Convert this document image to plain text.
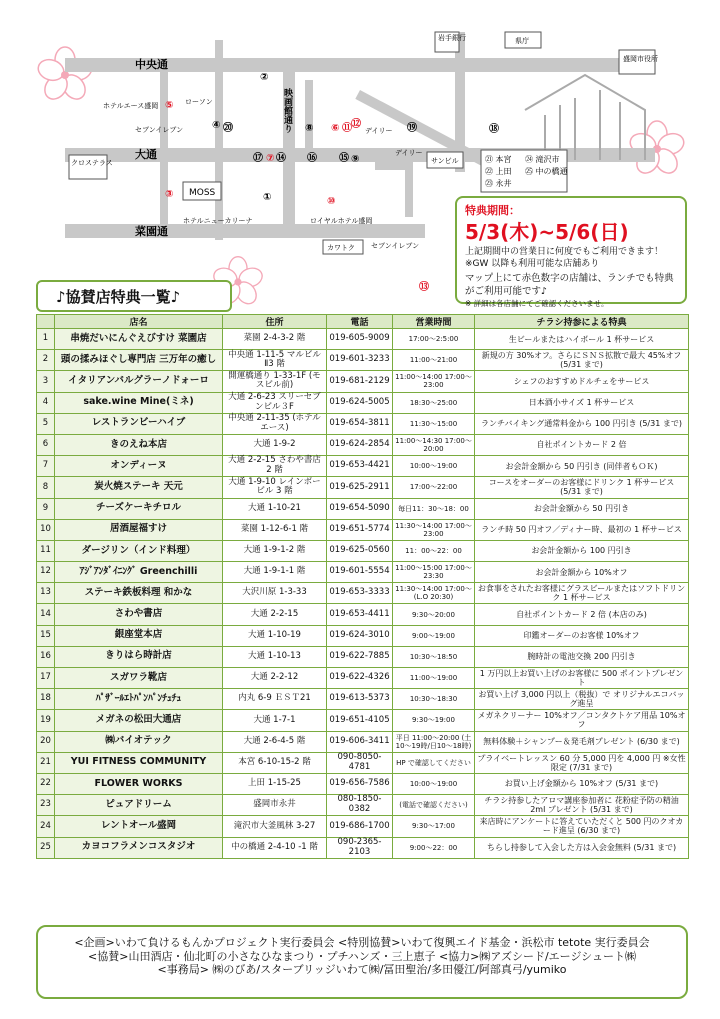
中央通
大通
菜園通
映画館通り
岩手銀行	県庁
盛岡市役所
ホテルエース盛岡	ローソン
セブンイレブン	デイリー
デイリー
サンビル
クロステラス
MOSS
ホテルニューカリーナ	ロイヤルホテル盛岡
カワトク セブンイレブン
①
②
③
④
⑤
⑥
⑦
⑧
⑨
⑩
⑪ ⑫
⑬
⑭	⑮
⑯
⑰
⑱
⑲
⑳
㉑ 本宮 ㉔ 滝沢市
㉒ 上田 ㉕ 中の橋通
㉓ 永井
特典期間：5/3(木)~5/6(日)
上記期間中の営業日に何度でもご利用できます！ ※GW 以降も利用可能な店舗あり
マップ上にて赤色数字の店舗は、ランチでも特典がご利用可能です♪
※ 詳細は各店舗にてご確認くださいませ。
♪協賛店特典一覧♪
	店名	住所	電話	営業時間	チラシ持参による特典
1	串焼だいにんぐえびすけ 菜園店	菜園 2-4-3-2 階	019-605-9009	17:00～2:5:00	生ビールまたはハイボール 1 杯サービス
2	頭の揉みほぐし専門店 三万年の癒し	中央通 1-11-5 マルビルⅡ3 階	019-601-3233	11:00～21:00	新規の方 30%オフ。さらにＳＮＳ拡散で最大 45%オフ (5/31 まで)
3	イタリアンバルグラーノドォーロ	開運橋通り 1-33-1F (モスビル前)	019-681-2129	11:00～14:00 17:00～23:00	シェフのおすすめドルチェをサービス
4	sake.wine Mine(ミネ)	大通 2-6-23 スリーセブンビル３F	019-624-5005	18:30～25:00	日本酒小サイズ 1 杯サービス
5	レストランビーハイブ	中央通 2-11-35 (ホテルエース)	019-654-3811	11:30～15:00	ランチバイキング通常料金から 100 円引き (5/31 まで)
6	きのえね本店	大通 1-9-2	019-624-2854	11:00～14:30 17:00～20:00	自社ポイントカード 2 倍
7	オンディーヌ	大通 2-2-15 さわや書店 2 階	019-653-4421	10:00～19:00	お会計金額から 50 円引き (同伴者もＯＫ)
8	炭火焼ステーキ 天元	大通 1-9-10 レインボービル 3 階	019-625-2911	17:00～22:00	コースをオーダーのお客様にドリンク 1 杯サービス (5/31 まで)
9	チーズケーキチロル	大通 1-10-21	019-654-5090	毎日11：30～18：00	お会計金額から 50 円引き
10	居酒屋福すけ	菜園 1-12-6-1 階	019-651-5774	11:30～14:00 17:00～23:00	ランチ時 50 円オフ／ディナー時、最初の 1 杯サービス
11	ダージリン（インド料理）	大通 1-9-1-2 階	019-625-0560	11：00～22：00	お会計金額から 100 円引き
12	ｱｼﾞｱﾝﾀﾞｲﾆﾝｸﾞ Greenchilli	大通 1-9-1-1 階	019-601-5554	11:00～15:00 17:00～23:30	お会計金額から 10%オフ
13	ステーキ鉄板料理 和かな	大沢川原 1-3-33	019-653-3333	11:30～14:00 17:00～ (L.O 20:30)	お食事をされたお客様にグラスビールまたはソフトドリンク 1 杯サービス
14	さわや書店	大通 2-2-15	019-653-4411	9:30～20:00	自社ポイントカード 2 倍 (本店のみ)
15	銀座堂本店	大通 1-10-19	019-624-3010	9:00～19:00	印鑑オーダーのお客様 10%オフ
16	きりはら時計店	大通 1-10-13	019-622-7885	10:30～18:50	腕時計の電池交換 200 円引き
17	スガワラ靴店	大通 2-2-12	019-622-4326	11:00～19:00	1 万円以上お買い上げのお客様に 500 ポイントプレゼント
18	ﾊﾟｻﾞｰﾙｴﾄﾊﾟﾝﾊﾟﾝﾁｭﾁｭ	内丸 6-9 ＥＳＴ21	019-613-5373	10:30～18:30	お買い上げ 3,000 円以上（税抜）で オリジナルエコバッグ進呈
19	メガネの松田大通店	大通 1-7-1	019-651-4105	9:30～19:00	メガネクリーナー 10%オフ／コンタクトケア用品 10%オフ
20	㈱バイオテック	大通 2-6-4-5 階	019-606-3411	平日 11:00～20:00 (土10～19時/日10～18時)	無料体験＋シャンプー＆発毛剤プレゼント (6/30 まで)
21	YUI FITNESS COMMUNITY	本宮 6-10-15-2 階	090-8050-4781	HP で確認してください	プライベートレッスン 60 分 5,000 円を 4,000 円 ※女性限定 (7/31 まで)
22	FLOWER WORKS	上田 1-15-25	019-656-7586	10:00～19:00	お買い上げ金額から 10%オフ (5/31 まで)
23	ピュアドリーム	盛岡市永井	080-1850-0382	(電話で確認ください)	チラシ持参したアロマ講座参加者に 花粉症予防の精油 2ml プレゼント (5/31 まで)
24	レントオール盛岡	滝沢市大釜風林 3-27	019-686-1700	9:30～17:00	来店時にアンケートに答えていただくと 500 円のクオカード進呈 (6/30 まで)
25	カヨコフラメンコスタジオ	中の橋通 2-4-10 -1 階	090-2365-2103	9:00～22：00	ちらし持参して入会した方は入会金無料 (5/31 まで)
<企画>いわて負けるもんかプロジェクト実行委員会 <特別協賛>いわて復興エイド基金・浜松市 tetote 実行委員会
<協賛>山田酒店・仙北町の小さなひなまつり・プチハンズ・三上恵子 <協力>㈱アズシード/エージシュート㈱
<事務局> ㈱のびあ/スターブリッジいわて㈱/冨田聖治/多田優江/阿部真弓/yumiko
